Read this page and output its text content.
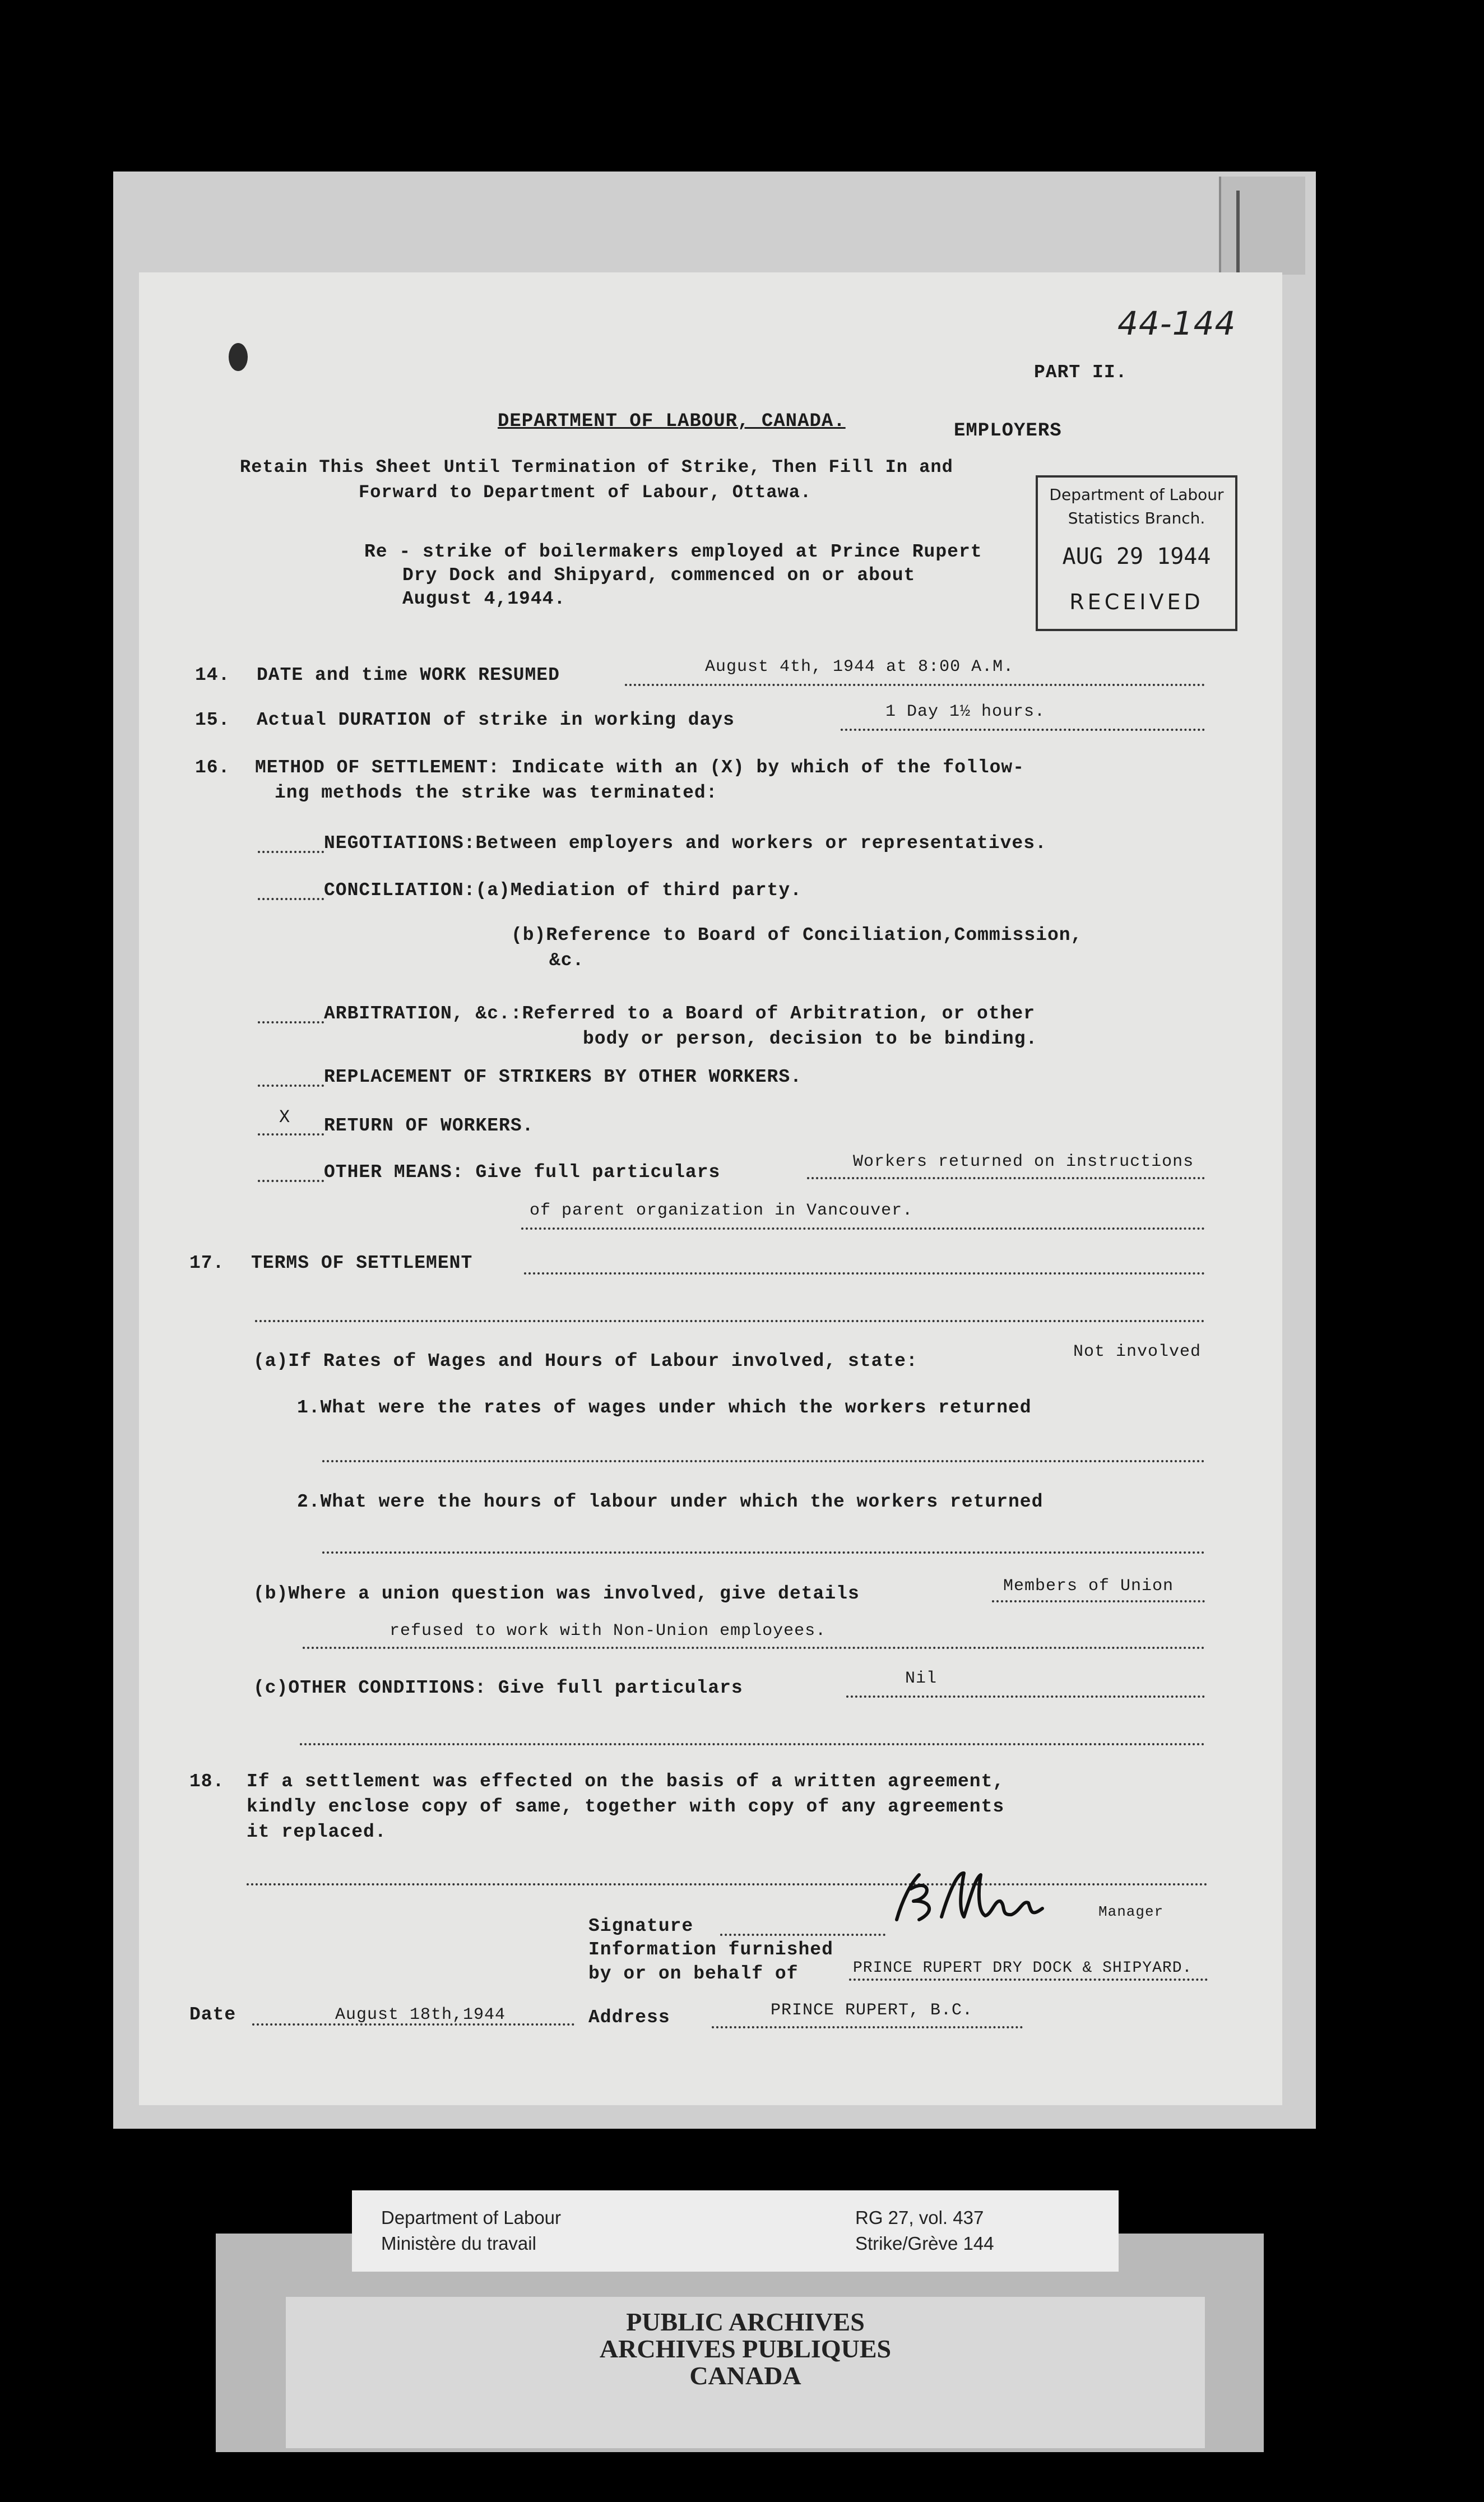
44-144
PART II.
DEPARTMENT OF LABOUR, CANADA.	EMPLOYERS
Retain This Sheet Until Termination of Strike, Then Fill In and
Forward to Department of Labour, Ottawa.	Department of Labour
Statistics Branch.
AUG 29 1944
RECEIVED
Re - strike of boilermakers employed at Prince Rupert
Dry Dock and Shipyard, commenced on or about
August 4,1944.
14. DATE and time WORK RESUMED	August 4th, 1944 at 8:00 A.M.
15. Actual DURATION of strike in working days	1 Day 1½ hours.
16. METHOD OF SETTLEMENT: Indicate with an (X) by which of the follow-
ing methods the strike was terminated:
NEGOTIATIONS:Between employers and workers or representatives.
CONCILIATION:(a)Mediation of third party.
(b)Reference to Board of Conciliation,Commission,
&c.
ARBITRATION, &c.:Referred to a Board of Arbitration, or other
body or person, decision to be binding.
REPLACEMENT OF STRIKERS BY OTHER WORKERS.
X RETURN OF WORKERS.
OTHER MEANS: Give full particulars	Workers returned on instructions
of parent organization in Vancouver.
17. TERMS OF SETTLEMENT
(a)If Rates of Wages and Hours of Labour involved, state:	Not involved
1.What were the rates of wages under which the workers returned
2.What were the hours of labour under which the workers returned
(b)Where a union question was involved, give details	Members of Union
refused to work with Non-Union employees.
(c)OTHER CONDITIONS: Give full particulars	Nil
18. If a settlement was effected on the basis of a written agreement,
kindly enclose copy of same, together with copy of any agreements
it replaced.
Signature
Manager
Information furnished
by or on behalf of	PRINCE RUPERT DRY DOCK & SHIPYARD.
Date	August 18th,1944	Address	PRINCE RUPERT, B.C.
Department of Labour
Ministère du travail
RG 27, vol. 437
Strike/Grève 144
PUBLIC ARCHIVES
ARCHIVES PUBLIQUES
CANADA
